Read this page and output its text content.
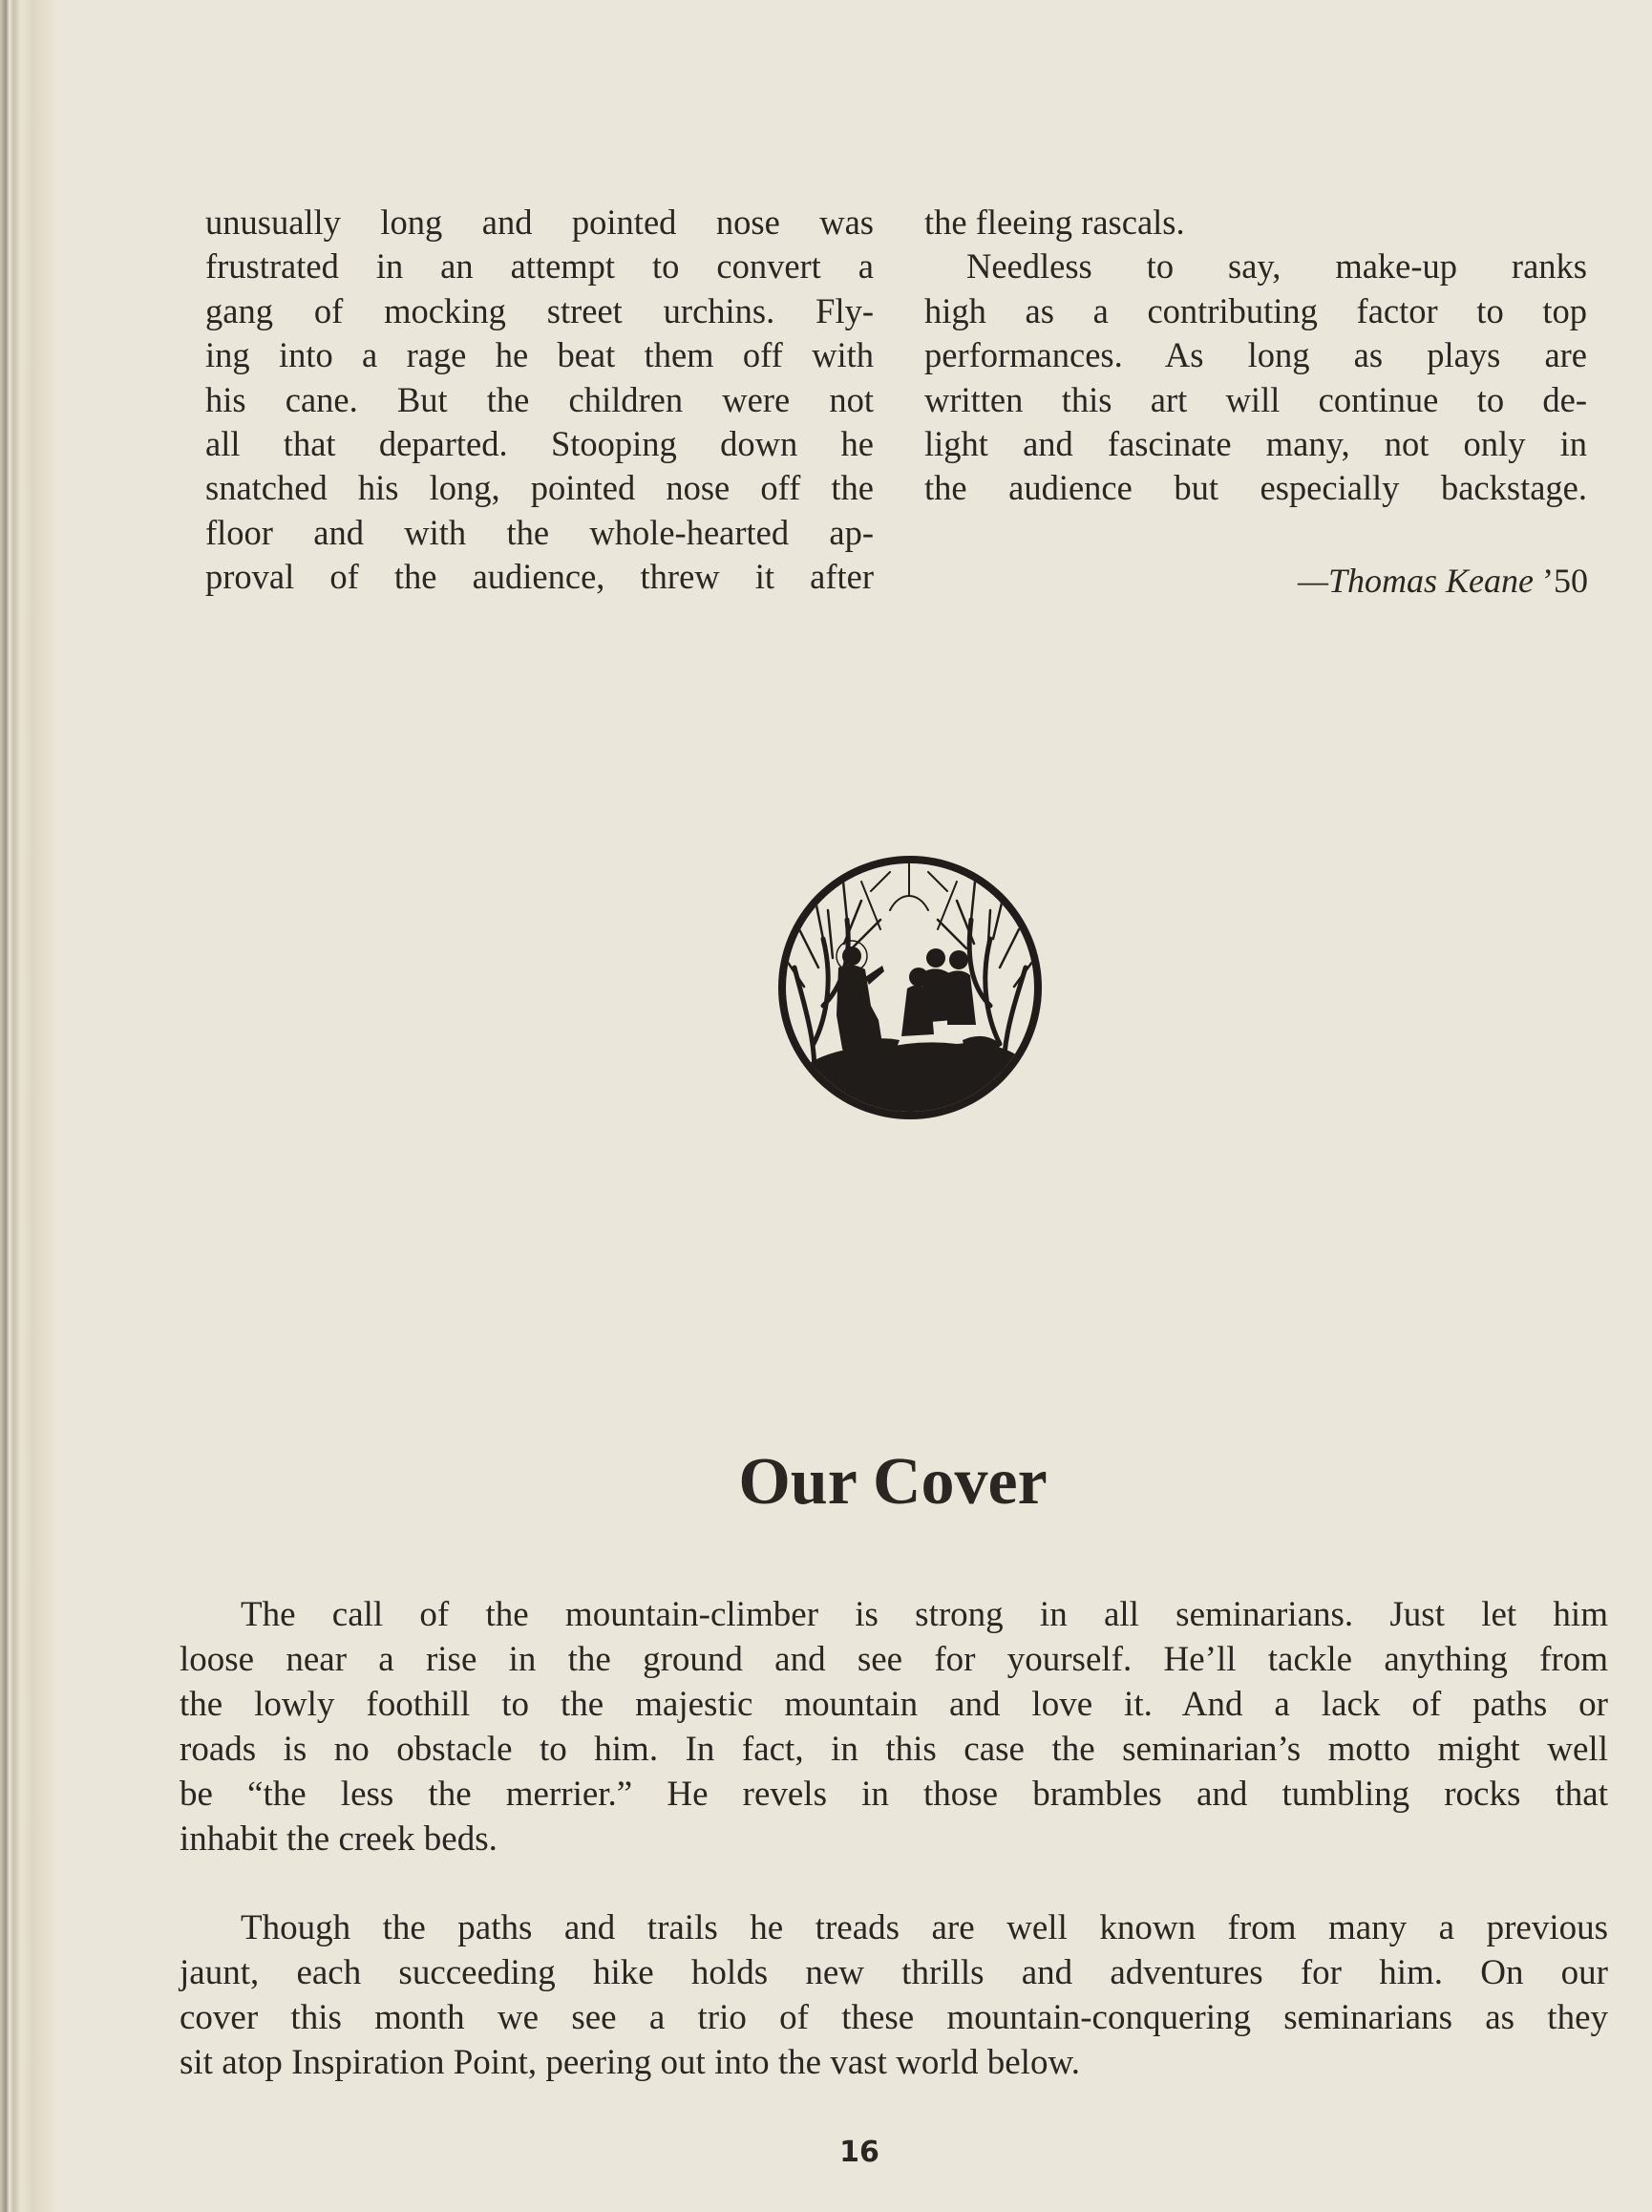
unusually long and pointed nose was
frustrated in an attempt to convert a
gang of mocking street urchins. Fly-
ing into a rage he beat them off with
his cane. But the children were not
all that departed. Stooping down he
snatched his long, pointed nose off the
floor and with the whole-hearted ap-
proval of the audience, threw it after
the fleeing rascals.
Needless to say, make-up ranks
high as a contributing factor to top
performances. As long as plays are
written this art will continue to de-
light and fascinate many, not only in
the audience but especially backstage.
—Thomas Keane ’50
Our Cover
The call of the mountain-climber is strong in all seminarians. Just let him
loose near a rise in the ground and see for yourself. He’ll tackle anything from
the lowly foothill to the majestic mountain and love it. And a lack of paths or
roads is no obstacle to him. In fact, in this case the seminarian’s motto might well
be “the less the merrier.” He revels in those brambles and tumbling rocks that
inhabit the creek beds.
Though the paths and trails he treads are well known from many a previous
jaunt, each succeeding hike holds new thrills and adventures for him. On our
cover this month we see a trio of these mountain-conquering seminarians as they
sit atop Inspiration Point, peering out into the vast world below.
16
